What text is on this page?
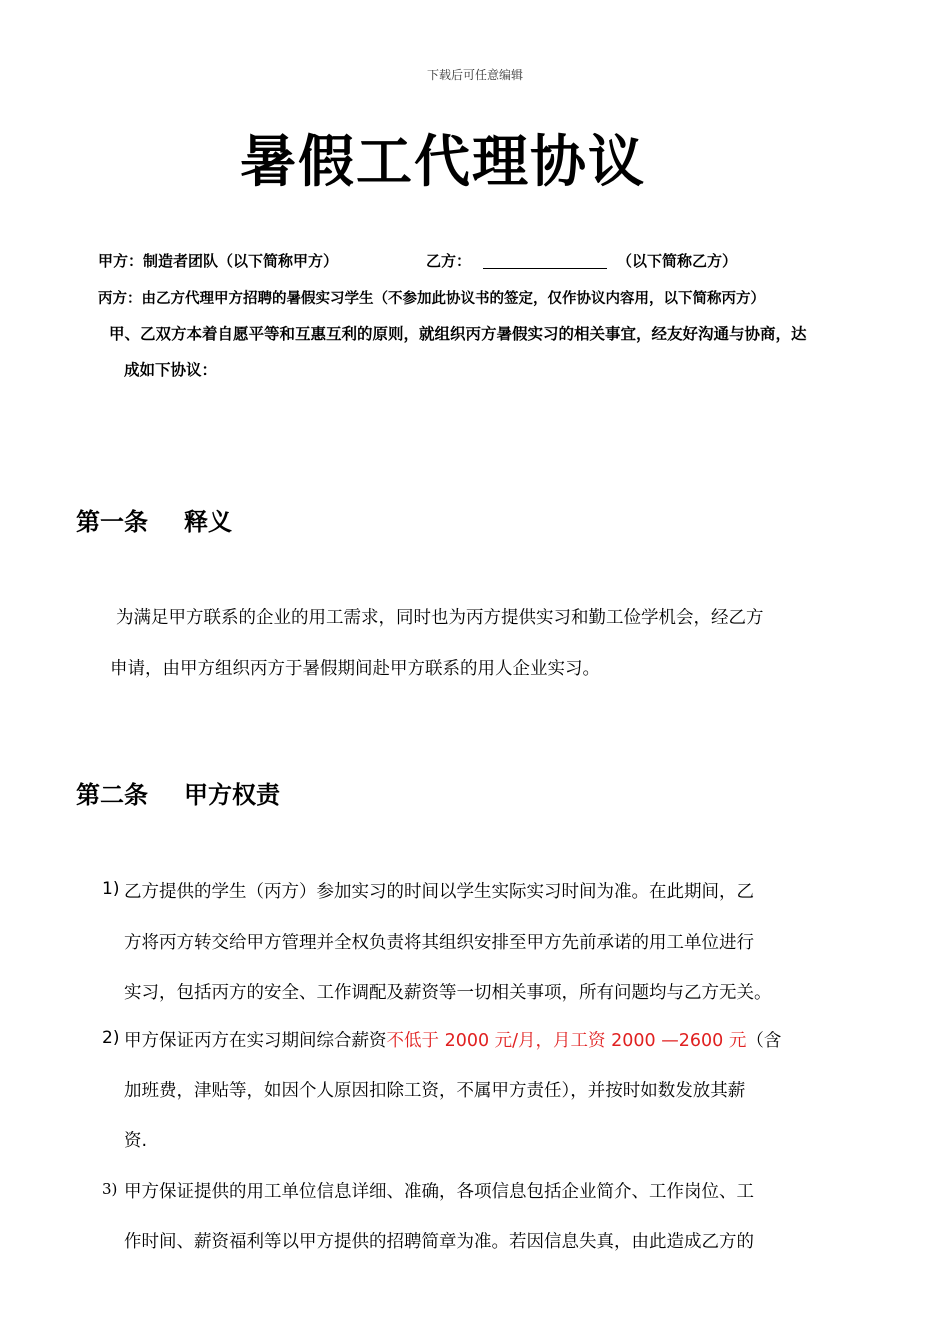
下载后可任意编辑
暑假工代理协议
甲方：制造者团队（以下简称甲方）	乙方：	（以下简称乙方）
丙方：由乙方代理甲方招聘的暑假实习学生（不参加此协议书的签定，仅作协议内容用，以下简称丙方）
甲、乙双方本着自愿平等和互惠互利的原则，就组织丙方暑假实习的相关事宜，经友好沟通与协商，达
成如下协议：
第一条 释义
为满足甲方联系的企业的用工需求，同时也为丙方提供实习和勤工俭学机会，经乙方
申请，由甲方组织丙方于暑假期间赴甲方联系的用人企业实习。
第二条 甲方权责
1) 乙方提供的学生（丙方）参加实习的时间以学生实际实习时间为准。在此期间，乙
方将丙方转交给甲方管理并全权负责将其组织安排至甲方先前承诺的用工单位进行
实习，包括丙方的安全、工作调配及薪资等一切相关事项，所有问题均与乙方无关。
2) 甲方保证丙方在实习期间综合薪资不低于 2000 元/月，月工资 2000 —2600 元（含
加班费，津贴等，如因个人原因扣除工资，不属甲方责任），并按时如数发放其薪
资.
3) 甲方保证提供的用工单位信息详细、准确，各项信息包括企业简介、工作岗位、工
作时间、薪资福利等以甲方提供的招聘简章为准。若因信息失真，由此造成乙方的
